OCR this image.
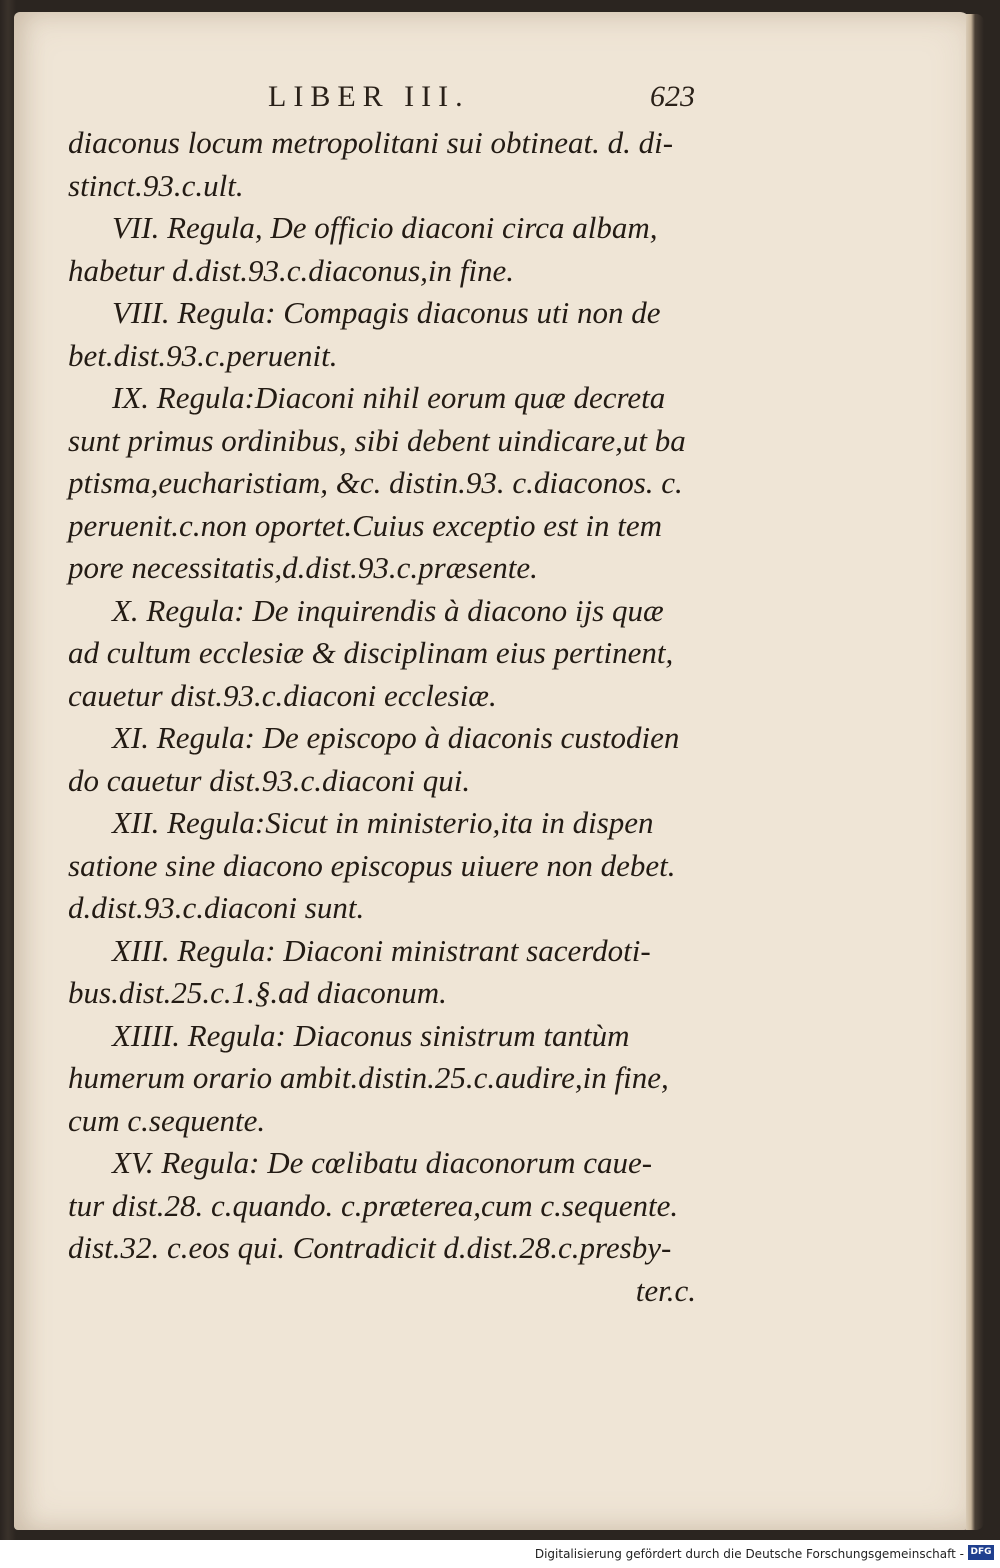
LIBER III.	623
diaconus locum metropolitani sui obtineat. d. di-
stinct.93.c.ult.
VII. Regula, De officio diaconi circa albam,
habetur d.dist.93.c.diaconus,in fine.
VIII. Regula: Compagis diaconus uti non de
bet.dist.93.c.peruenit.
IX. Regula:Diaconi nihil eorum quæ decreta
sunt primus ordinibus, sibi debent uindicare,ut ba
ptisma,eucharistiam, &c. distin.93. c.diaconos. c.
peruenit.c.non oportet.Cuius exceptio est in tem
pore necessitatis,d.dist.93.c.præsente.
X. Regula: De inquirendis à diacono ijs quæ
ad cultum ecclesiæ & disciplinam eius pertinent,
cauetur dist.93.c.diaconi ecclesiæ.
XI. Regula: De episcopo à diaconis custodien
do cauetur dist.93.c.diaconi qui.
XII. Regula:Sicut in ministerio,ita in dispen
satione sine diacono episcopus uiuere non debet.
d.dist.93.c.diaconi sunt.
XIII. Regula: Diaconi ministrant sacerdoti-
bus.dist.25.c.1.§.ad diaconum.
XIIII. Regula: Diaconus sinistrum tantùm
humerum orario ambit.distin.25.c.audire,in fine,
cum c.sequente.
XV. Regula: De cœlibatu diaconorum caue-
tur dist.28. c.quando. c.præterea,cum c.sequente.
dist.32. c.eos qui. Contradicit d.dist.28.c.presby-
ter.c.
Digitalisierung gefördert durch die Deutsche Forschungsgemeinschaft - DFG
